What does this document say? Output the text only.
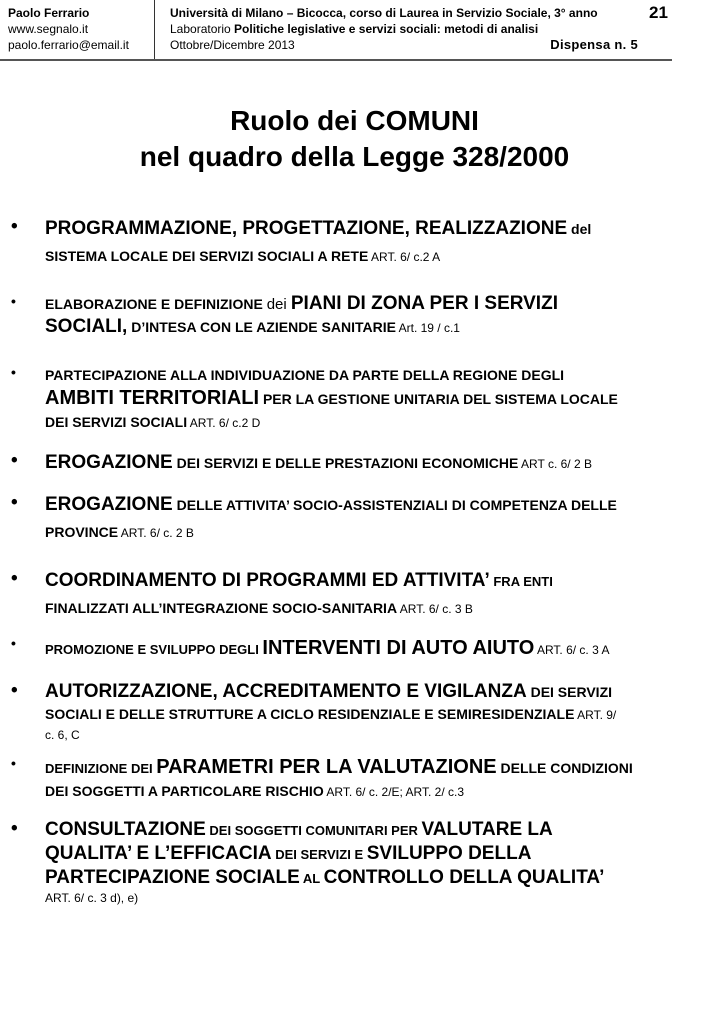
Paolo Ferrario
www.segnalo.it
paolo.ferrario@email.it
Università di Milano – Bicocca, corso di Laurea in Servizio Sociale, 3° anno
Laboratorio Politiche legislative e servizi sociali: metodi di analisi
Ottobre/Dicembre 2013
21
Dispensa n. 5
Ruolo dei COMUNI
nel quadro della Legge 328/2000
• PROGRAMMAZIONE, PROGETTAZIONE, REALIZZAZIONE del
SISTEMA LOCALE DEI SERVIZI SOCIALI A RETE ART. 6/ c.2 A
• ELABORAZIONE E DEFINIZIONE dei PIANI DI ZONA PER I SERVIZI
SOCIALI, D’INTESA CON LE AZIENDE SANITARIE Art. 19 / c.1
• PARTECIPAZIONE ALLA INDIVIDUAZIONE DA PARTE DELLA REGIONE DEGLI
AMBITI TERRITORIALI PER LA GESTIONE UNITARIA DEL SISTEMA LOCALE
DEI SERVIZI SOCIALI ART. 6/ c.2 D
• EROGAZIONE DEI SERVIZI E DELLE PRESTAZIONI ECONOMICHE ART c. 6/ 2 B
• EROGAZIONE DELLE ATTIVITA’ SOCIO-ASSISTENZIALI DI COMPETENZA DELLE
PROVINCE ART. 6/ c. 2 B
• COORDINAMENTO DI PROGRAMMI ED ATTIVITA’ FRA ENTI
FINALIZZATI ALL’INTEGRAZIONE SOCIO-SANITARIA ART. 6/ c. 3 B
• PROMOZIONE E SVILUPPO DEGLI INTERVENTI DI AUTO AIUTO ART. 6/ c. 3 A
• AUTORIZZAZIONE, ACCREDITAMENTO E VIGILANZA DEI SERVIZI
SOCIALI E DELLE STRUTTURE A CICLO RESIDENZIALE E SEMIRESIDENZIALE ART. 9/
c. 6, C
• DEFINIZIONE DEI PARAMETRI PER LA VALUTAZIONE DELLE CONDIZIONI
DEI SOGGETTI A PARTICOLARE RISCHIO ART. 6/ c. 2/E; ART. 2/ c.3
• CONSULTAZIONE DEI SOGGETTI COMUNITARI PER VALUTARE LA
QUALITA’ E L’EFFICACIA DEI SERVIZI E SVILUPPO DELLA
PARTECIPAZIONE SOCIALE AL CONTROLLO DELLA QUALITA’
ART. 6/ c. 3 d), e)
